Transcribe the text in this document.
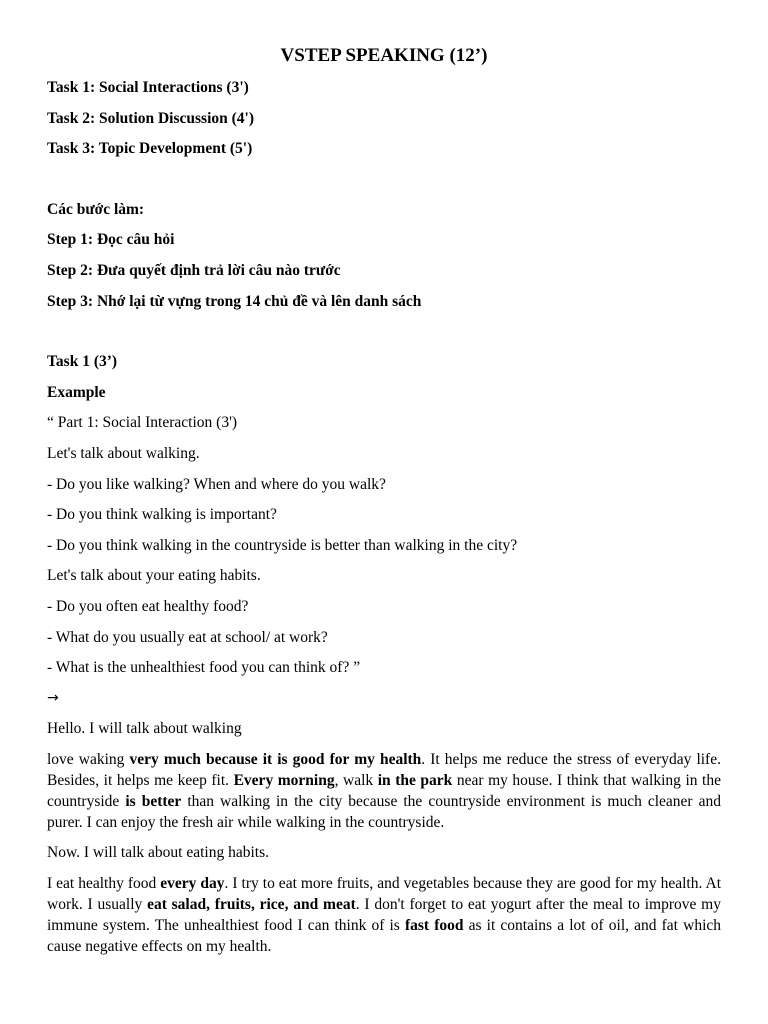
VSTEP SPEAKING (12’)
Task 1: Social Interactions (3')
Task 2: Solution Discussion (4')
Task 3: Topic Development (5')
Các bước làm:
Step 1: Đọc câu hỏi
Step 2: Đưa quyết định trả lời câu nào trước
Step 3: Nhớ lại từ vựng trong 14 chủ đề và lên danh sách
Task 1 (3’)
Example
“ Part 1: Social Interaction (3')
Let's talk about walking.
- Do you like walking? When and where do you walk?
- Do you think walking is important?
- Do you think walking in the countryside is better than walking in the city?
Let's talk about your eating habits.
- Do you often eat healthy food?
- What do you usually eat at school/ at work?
- What is the unhealthiest food you can think of? ”
→
Hello. I will talk about walking
love waking very much because it is good for my health. It helps me reduce the stress of everyday life. Besides, it helps me keep fit. Every morning, walk in the park near my house. I think that walking in the countryside is better than walking in the city because the countryside environment is much cleaner and purer. I can enjoy the fresh air while walking in the countryside.
Now. I will talk about eating habits.
I eat healthy food every day. I try to eat more fruits, and vegetables because they are good for my health. At work. I usually eat salad, fruits, rice, and meat. I don't forget to eat yogurt after the meal to improve my immune system. The unhealthiest food I can think of is fast food as it contains a lot of oil, and fat which cause negative effects on my health.
